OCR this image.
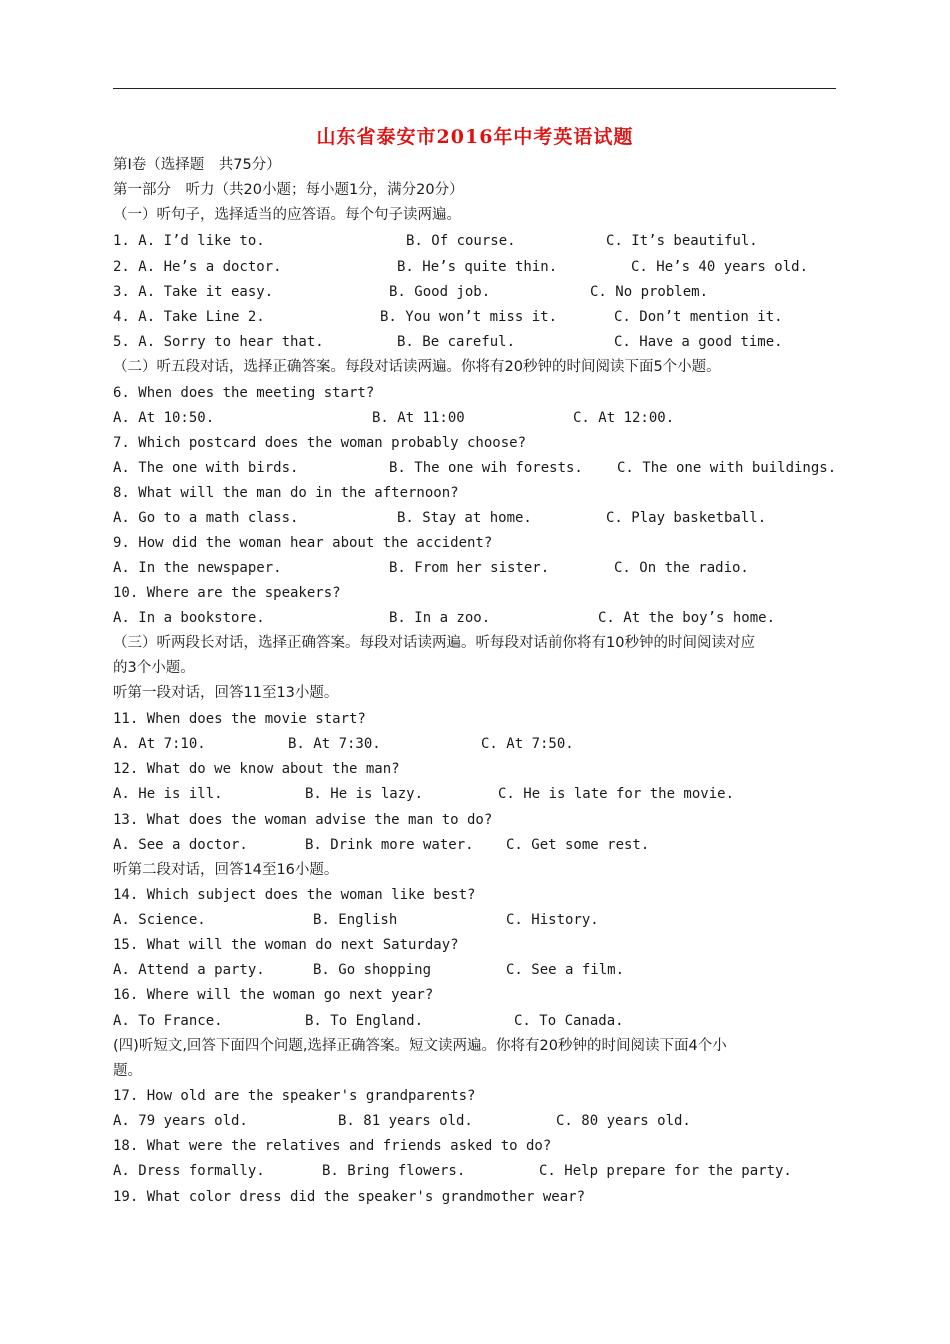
山东省泰安市2016年中考英语试题
第Ⅰ卷（选择题　共75分）
第一部分　听力（共20小题；每小题1分，满分20分）
（一）听句子，选择适当的应答语。每个句子读两遍。
1. A. I’d like to.	B. Of course.	C. It’s beautiful.
2. A. He’s a doctor.	B. He’s quite thin.	C. He’s 40 years old.
3. A. Take it easy.	B. Good job.	C. No problem.
4. A. Take Line 2.	B. You won’t miss it.	C. Don’t mention it.
5. A. Sorry to hear that.	B. Be careful.	C. Have a good time.
（二）听五段对话，选择正确答案。每段对话读两遍。你将有20秒钟的时间阅读下面5个小题。
6. When does the meeting start?
A. At 10:50.	B. At 11:00	C. At 12:00.
7. Which postcard does the woman probably choose?
A. The one with birds.	B. The one wih forests. C. The one with buildings.
8. What will the man do in the afternoon?
A. Go to a math class.	B. Stay at home.	C. Play basketball.
9. How did the woman hear about the accident?
A. In the newspaper.	B. From her sister.	C. On the radio.
10. Where are the speakers?
A. In a bookstore.	B. In a zoo.	C. At the boy’s home.
（三）听两段长对话，选择正确答案。每段对话读两遍。听每段对话前你将有10秒钟的时间阅读对应
的3个小题。
听第一段对话，回答11至13小题。
11. When does the movie start?
A. At 7:10.	B. At 7:30.	C. At 7:50.
12. What do we know about the man?
A. He is ill.	B. He is lazy.	C. He is late for the movie.
13. What does the woman advise the man to do?
A. See a doctor.	B. Drink more water. C. Get some rest.
听第二段对话，回答14至16小题。
14. Which subject does the woman like best?
A. Science.	B. English	C. History.
15. What will the woman do next Saturday?
A. Attend a party.	B. Go shopping	C. See a film.
16. Where will the woman go next year?
A. To France.	B. To England.	C. To Canada.
(四)听短文,回答下面四个问题,选择正确答案。短文读两遍。你将有20秒钟的时间阅读下面4个小
题。
17. How old are the speaker's grandparents?
A. 79 years old.	B. 81 years old.	C. 80 years old.
18. What were the relatives and friends asked to do?
A. Dress formally.	B. Bring flowers.	C. Help prepare for the party.
19. What color dress did the speaker's grandmother wear?
